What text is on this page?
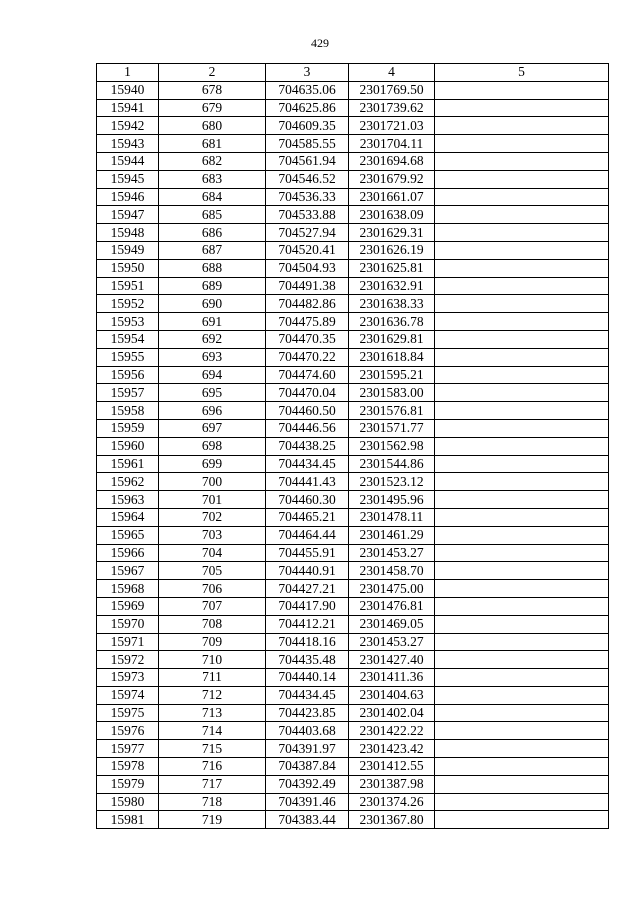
429
1	2	3	4	5
15940	678	704635.06	2301769.50	
15941	679	704625.86	2301739.62	
15942	680	704609.35	2301721.03	
15943	681	704585.55	2301704.11	
15944	682	704561.94	2301694.68	
15945	683	704546.52	2301679.92	
15946	684	704536.33	2301661.07	
15947	685	704533.88	2301638.09	
15948	686	704527.94	2301629.31	
15949	687	704520.41	2301626.19	
15950	688	704504.93	2301625.81	
15951	689	704491.38	2301632.91	
15952	690	704482.86	2301638.33	
15953	691	704475.89	2301636.78	
15954	692	704470.35	2301629.81	
15955	693	704470.22	2301618.84	
15956	694	704474.60	2301595.21	
15957	695	704470.04	2301583.00	
15958	696	704460.50	2301576.81	
15959	697	704446.56	2301571.77	
15960	698	704438.25	2301562.98	
15961	699	704434.45	2301544.86	
15962	700	704441.43	2301523.12	
15963	701	704460.30	2301495.96	
15964	702	704465.21	2301478.11	
15965	703	704464.44	2301461.29	
15966	704	704455.91	2301453.27	
15967	705	704440.91	2301458.70	
15968	706	704427.21	2301475.00	
15969	707	704417.90	2301476.81	
15970	708	704412.21	2301469.05	
15971	709	704418.16	2301453.27	
15972	710	704435.48	2301427.40	
15973	711	704440.14	2301411.36	
15974	712	704434.45	2301404.63	
15975	713	704423.85	2301402.04	
15976	714	704403.68	2301422.22	
15977	715	704391.97	2301423.42	
15978	716	704387.84	2301412.55	
15979	717	704392.49	2301387.98	
15980	718	704391.46	2301374.26	
15981	719	704383.44	2301367.80	
